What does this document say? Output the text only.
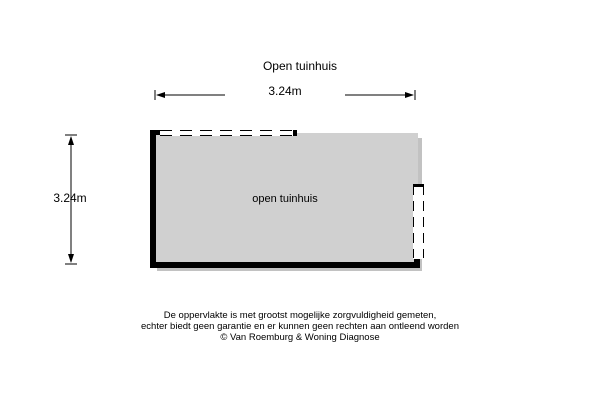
Open tuinhuis
3.24m
3.24m	open tuinhuis
De oppervlakte is met grootst mogelijke zorgvuldigheid gemeten,
echter biedt geen garantie en er kunnen geen rechten aan ontleend worden
© Van Roemburg & Woning Diagnose
